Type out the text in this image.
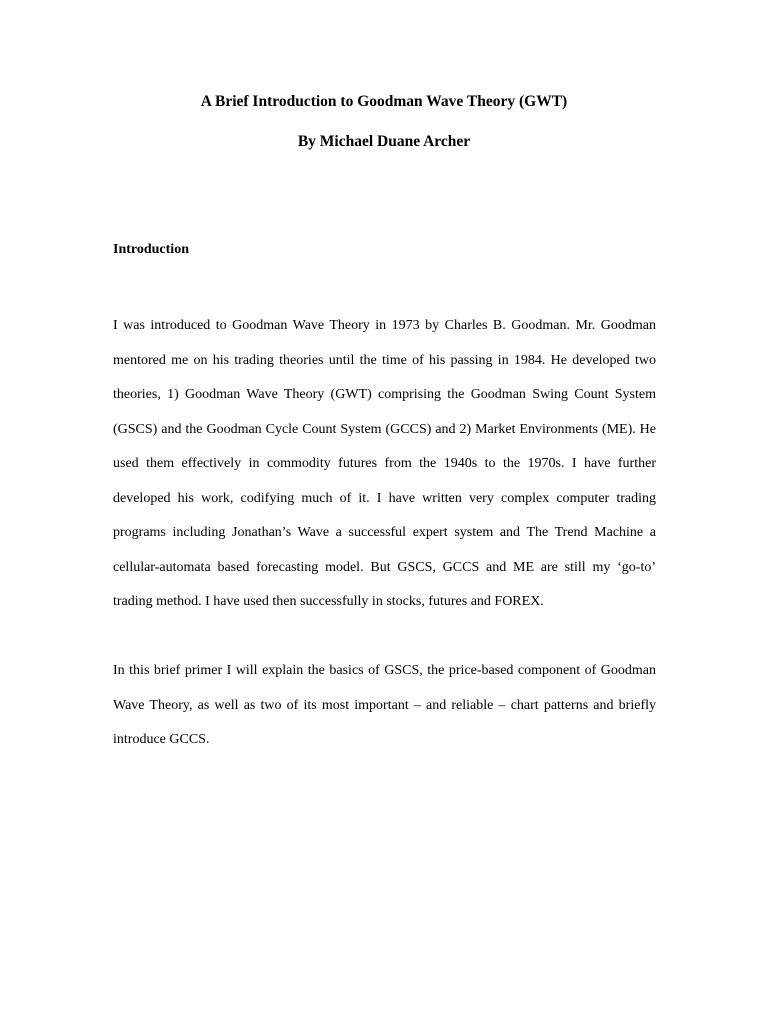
A Brief Introduction to Goodman Wave Theory (GWT)
By Michael Duane Archer
Introduction

I was introduced to Goodman Wave Theory in 1973 by Charles B. Goodman. Mr. Goodman mentored me on his trading theories until the time of his passing in 1984. He developed two theories, 1) Goodman Wave Theory (GWT) comprising the Goodman Swing Count System (GSCS) and the Goodman Cycle Count System (GCCS) and 2) Market Environments (ME). He used them effectively in commodity futures from the 1940s to the 1970s. I have further developed his work, codifying much of it. I have written very complex computer trading programs including Jonathan’s Wave a successful expert system and The Trend Machine a cellular-automata based forecasting model. But GSCS, GCCS and ME are still my ‘go-to’ trading method. I have used then successfully in stocks, futures and FOREX.

In this brief primer I will explain the basics of GSCS, the price-based component of Goodman Wave Theory, as well as two of its most important – and reliable – chart patterns and briefly introduce GCCS.
